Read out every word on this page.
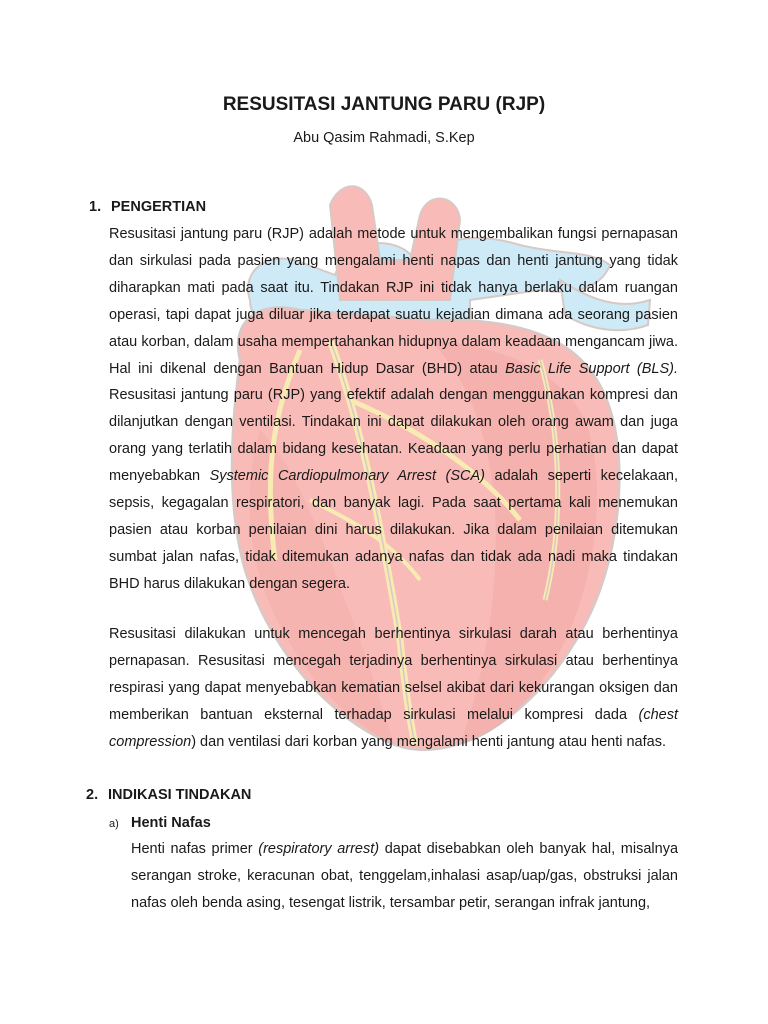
RESUSITASI JANTUNG PARU (RJP)
Abu Qasim Rahmadi, S.Kep
1. PENGERTIAN

Resusitasi jantung paru (RJP) adalah metode untuk mengembalikan fungsi pernapasan dan sirkulasi pada pasien yang mengalami henti napas dan henti jantung yang tidak diharapkan mati pada saat itu. Tindakan RJP ini tidak hanya berlaku dalam ruangan operasi, tapi dapat juga diluar jika terdapat suatu kejadian dimana ada seorang pasien atau korban, dalam usaha mempertahankan hidupnya dalam keadaan mengancam jiwa. Hal ini dikenal dengan Bantuan Hidup Dasar (BHD) atau Basic Life Support (BLS). Resusitasi jantung paru (RJP) yang efektif adalah dengan menggunakan kompresi dan dilanjutkan dengan ventilasi. Tindakan ini dapat dilakukan oleh orang awam dan juga orang yang terlatih dalam bidang kesehatan. Keadaan yang perlu perhatian dan dapat menyebabkan Systemic Cardiopulmonary Arrest (SCA) adalah seperti kecelakaan, sepsis, kegagalan respiratori, dan banyak lagi. Pada saat pertama kali menemukan pasien atau korban penilaian dini harus dilakukan. Jika dalam penilaian ditemukan sumbat jalan nafas, tidak ditemukan adanya nafas dan tidak ada nadi maka tindakan BHD harus dilakukan dengan segera.

Resusitasi dilakukan untuk mencegah berhentinya sirkulasi darah atau berhentinya pernapasan. Resusitasi mencegah terjadinya berhentinya sirkulasi atau berhentinya respirasi yang dapat menyebabkan kematian selsel akibat dari kekurangan oksigen dan memberikan bantuan eksternal terhadap sirkulasi melalui kompresi dada (chest compression) dan ventilasi dari korban yang mengalami henti jantung atau henti nafas.

2. INDIKASI TINDAKAN
a) Henti Nafas

Henti nafas primer (respiratory arrest) dapat disebabkan oleh banyak hal, misalnya serangan stroke, keracunan obat, tenggelam,inhalasi asap/uap/gas, obstruksi jalan nafas oleh benda asing, tesengat listrik, tersambar petir, serangan infrak jantung,
